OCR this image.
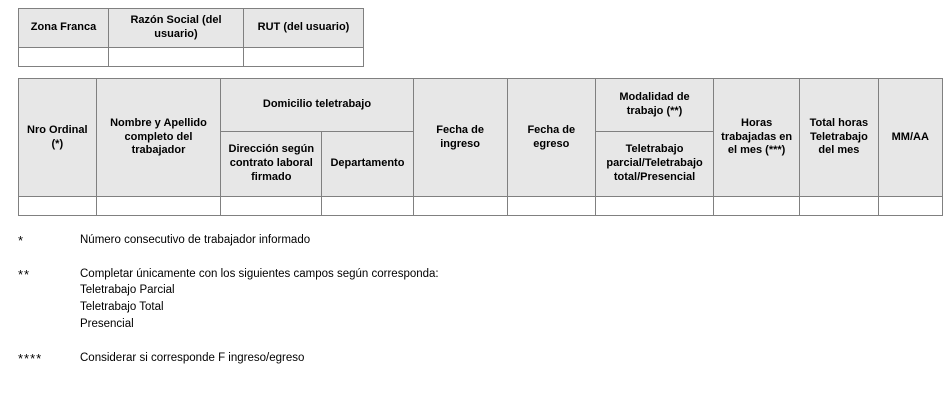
Zona Franca	Razón Social (del usuario)	RUT (del usuario)

Nro Ordinal (*)	Nombre y Apellido completo del trabajador	Domicilio teletrabajo		Fecha de ingreso	Fecha de egreso	Modalidad de trabajo (**)	Horas trabajadas en el mes (***)	Total horas Teletrabajo del mes	MM/AA
		Dirección según contrato laboral firmado	Departamento			Teletrabajo parcial/Teletrabajo total/Presencial			

*	Número consecutivo de trabajador informado
**	Completar únicamente con los siguientes campos según corresponda:
Teletrabajo Parcial
Teletrabajo Total
Presencial
****	Considerar si corresponde F ingreso/egreso
